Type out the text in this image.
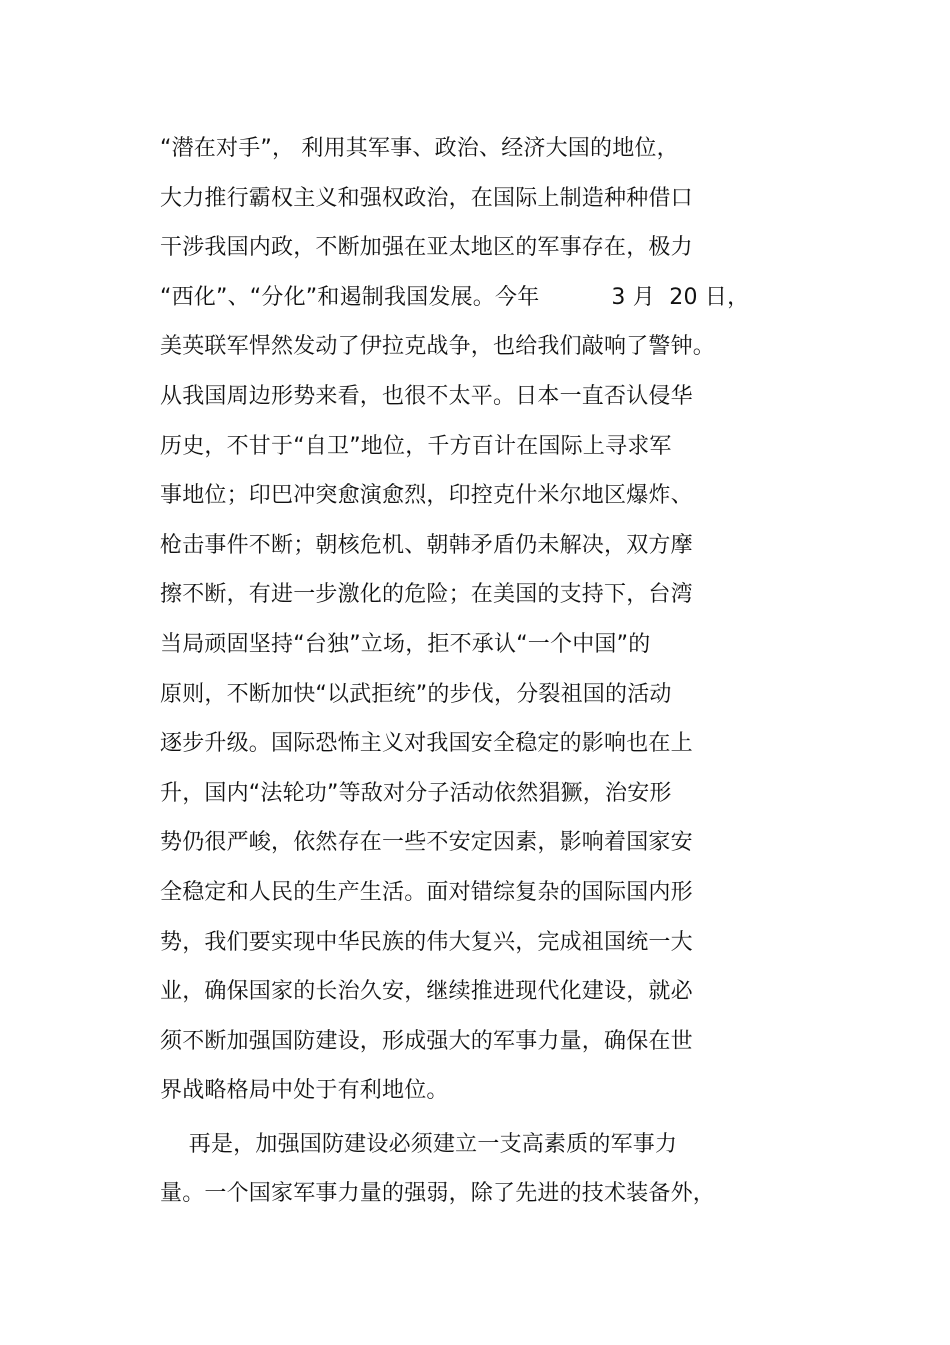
“潜在对手”， 利用其军事、政治、经济大国的地位，
大力推行霸权主义和强权政治，在国际上制造种种借口
干涉我国内政，不断加强在亚太地区的军事存在，极力
“西化”、“分化”和遏制我国发展。今年          3 月  20 日，
美英联军悍然发动了伊拉克战争，也给我们敲响了警钟。
从我国周边形势来看，也很不太平。日本一直否认侵华
历史，不甘于“自卫”地位，千方百计在国际上寻求军
事地位；印巴冲突愈演愈烈，印控克什米尔地区爆炸、
枪击事件不断；朝核危机、朝韩矛盾仍未解决，双方摩
擦不断，有进一步激化的危险；在美国的支持下，台湾
当局顽固坚持“台独”立场，拒不承认“一个中国”的
原则，不断加快“以武拒统”的步伐，分裂祖国的活动
逐步升级。国际恐怖主义对我国安全稳定的影响也在上
升，国内“法轮功”等敌对分子活动依然猖獗，治安形
势仍很严峻，依然存在一些不安定因素，影响着国家安
全稳定和人民的生产生活。面对错综复杂的国际国内形
势，我们要实现中华民族的伟大复兴，完成祖国统一大
业，确保国家的长治久安，继续推进现代化建设，就必
须不断加强国防建设，形成强大的军事力量，确保在世
界战略格局中处于有利地位。
再是，加强国防建设必须建立一支高素质的军事力
量。一个国家军事力量的强弱，除了先进的技术装备外，
